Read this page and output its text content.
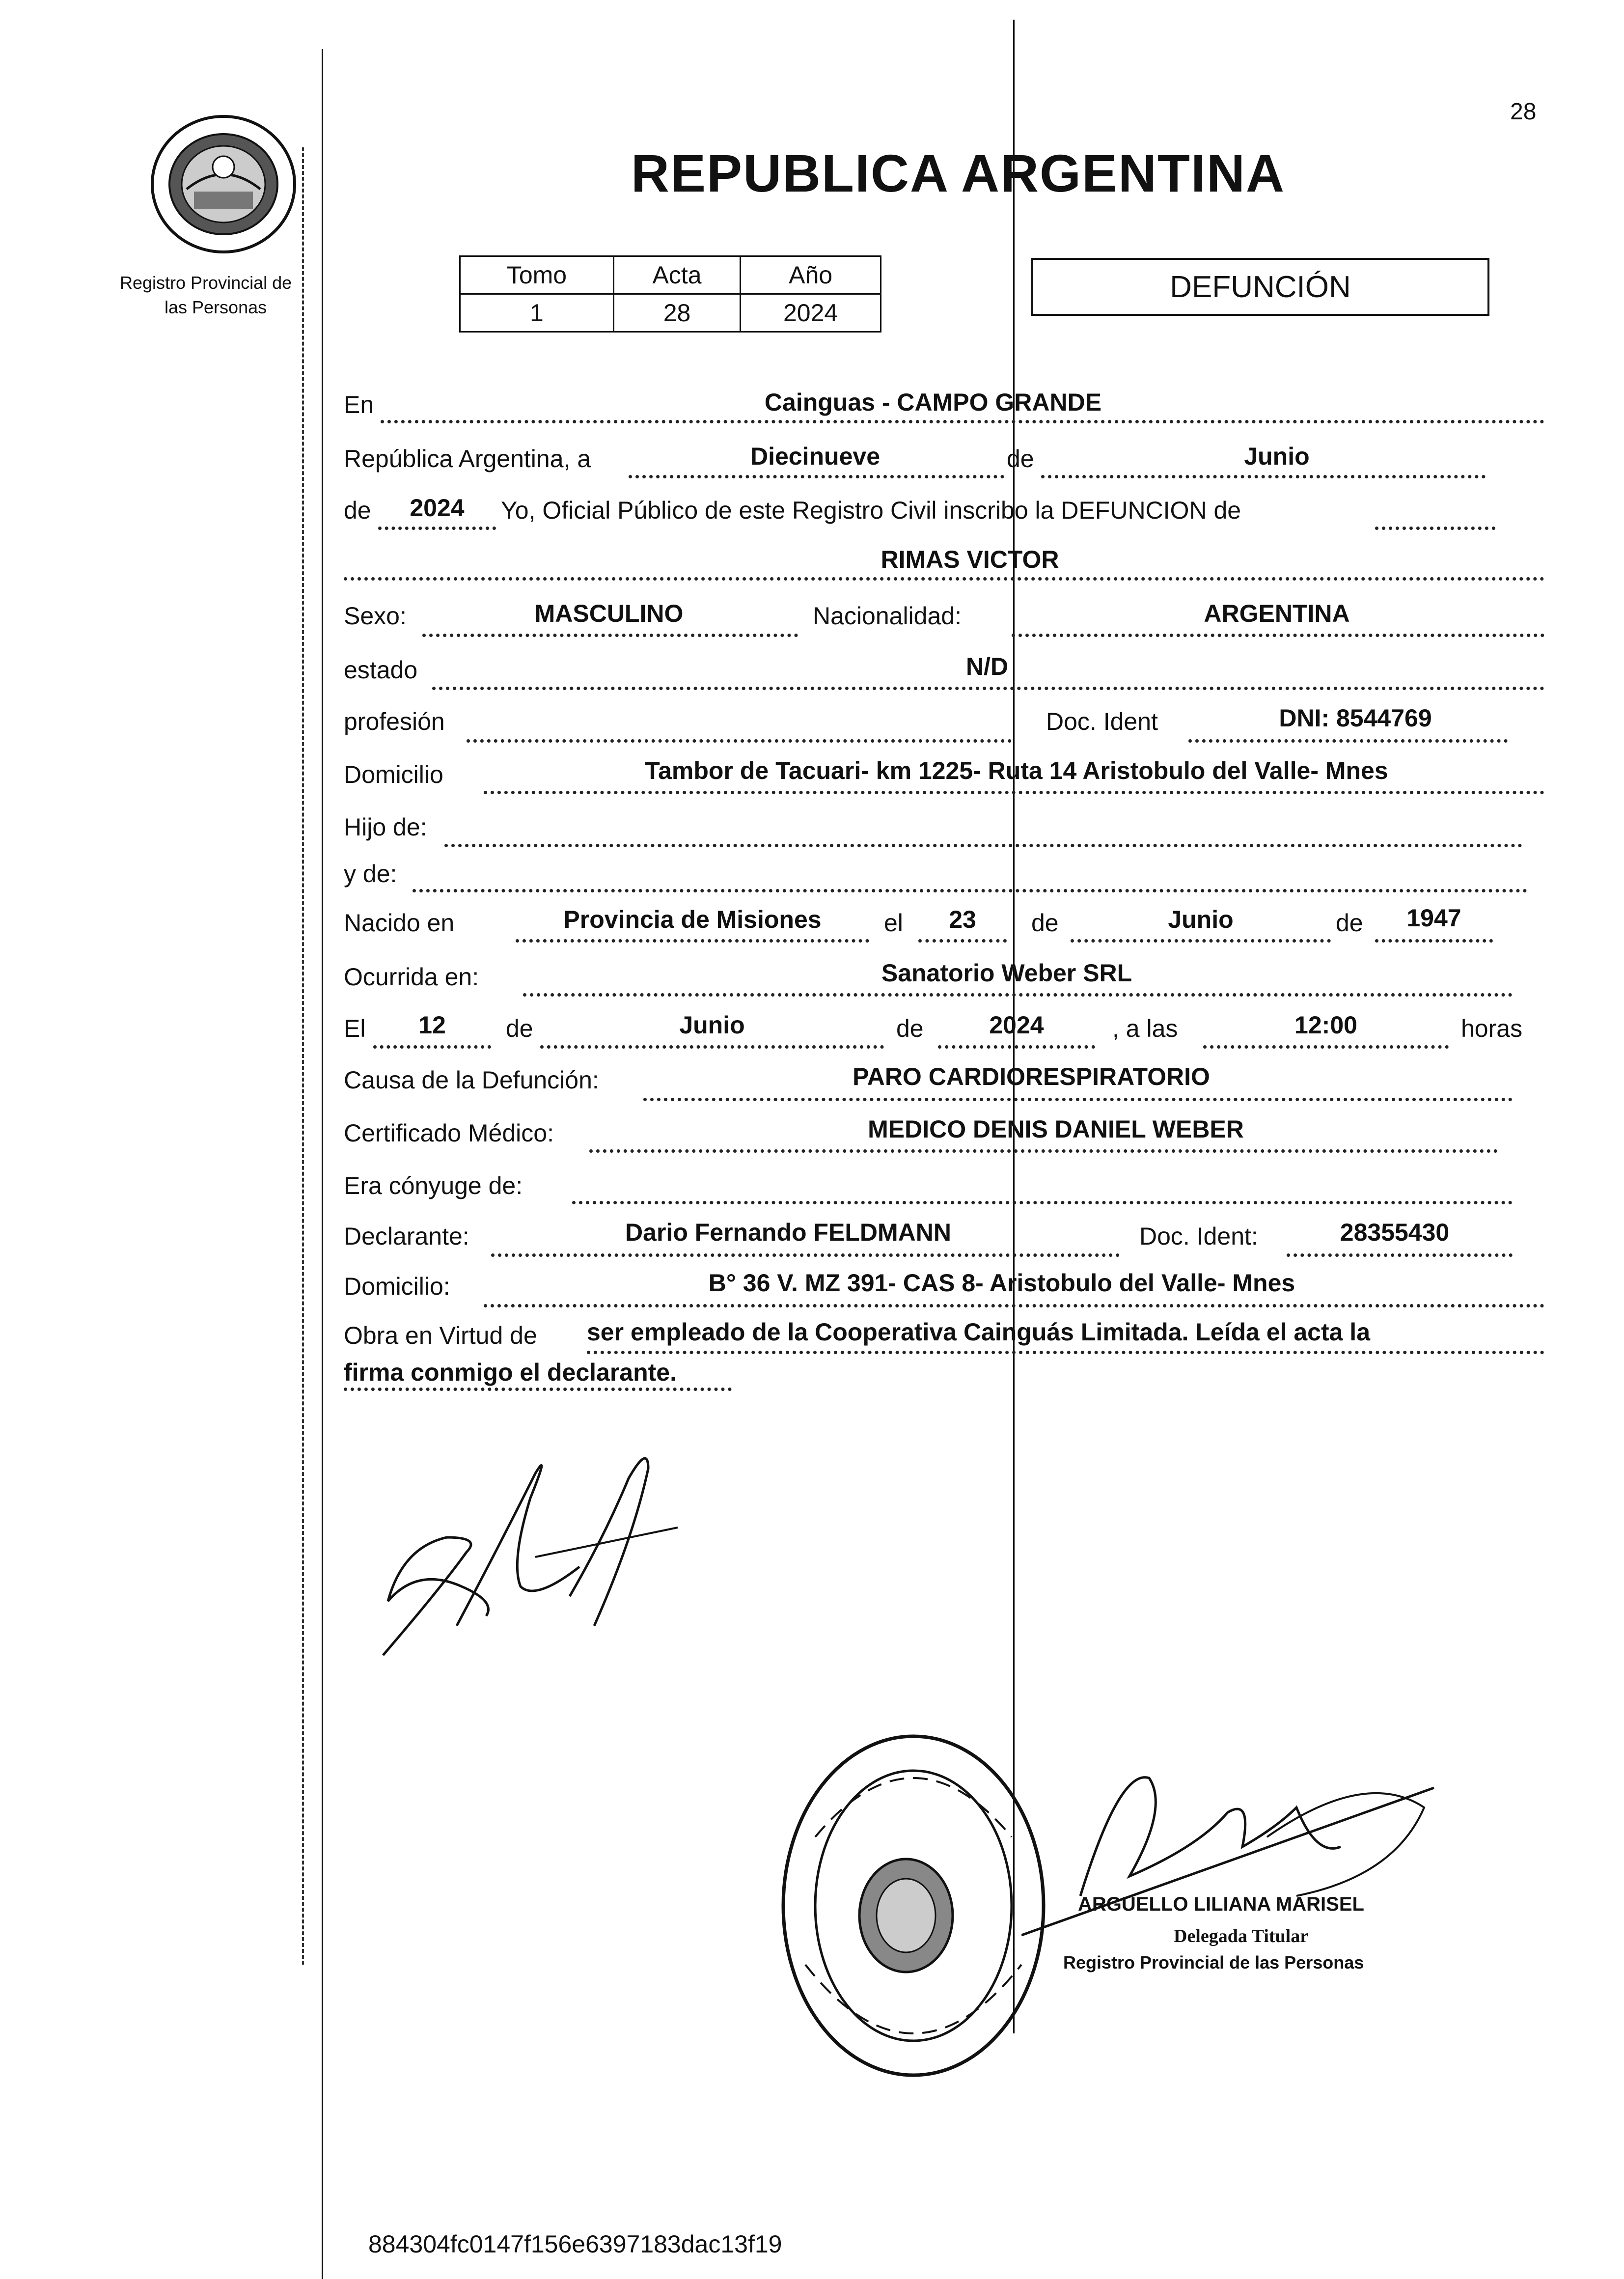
28
Registro Provincial de
las Personas
REPUBLICA ARGENTINA
Tomo	Acta	Año
1	28	2024
DEFUNCIÓN
En	Cainguas - CAMPO GRANDE
República Argentina, a	Diecinueve	de	Junio
de	2024	Yo, Oficial Público de este Registro Civil inscribo la DEFUNCION de
RIMAS VICTOR
Sexo:	MASCULINO	Nacionalidad:	ARGENTINA
estado	N/D
profesión	Doc. Ident	DNI: 8544769
Domicilio	Tambor de Tacuari- km 1225- Ruta 14 Aristobulo del Valle- Mnes
Hijo de:
y de:
Nacido en	Provincia de Misiones	el	23	de	Junio	de	1947
Ocurrida en:	Sanatorio Weber SRL
El	12	de	Junio	de	2024	, a las	12:00	horas
Causa de la Defunción:	PARO CARDIORESPIRATORIO
Certificado Médico:	MEDICO DENIS DANIEL WEBER
Era cónyuge de:
Declarante:	Dario Fernando FELDMANN	Doc. Ident:	28355430
Domicilio:	B° 36 V. MZ 391- CAS 8- Aristobulo del Valle- Mnes
Obra en Virtud de ser empleado de la Cooperativa Cainguás Limitada. Leída el acta la
firma conmigo el declarante.
ARGUELLO LILIANA MARISEL
Delegada Titular
Registro Provincial de las Personas
884304fc0147f156e6397183dac13f19
